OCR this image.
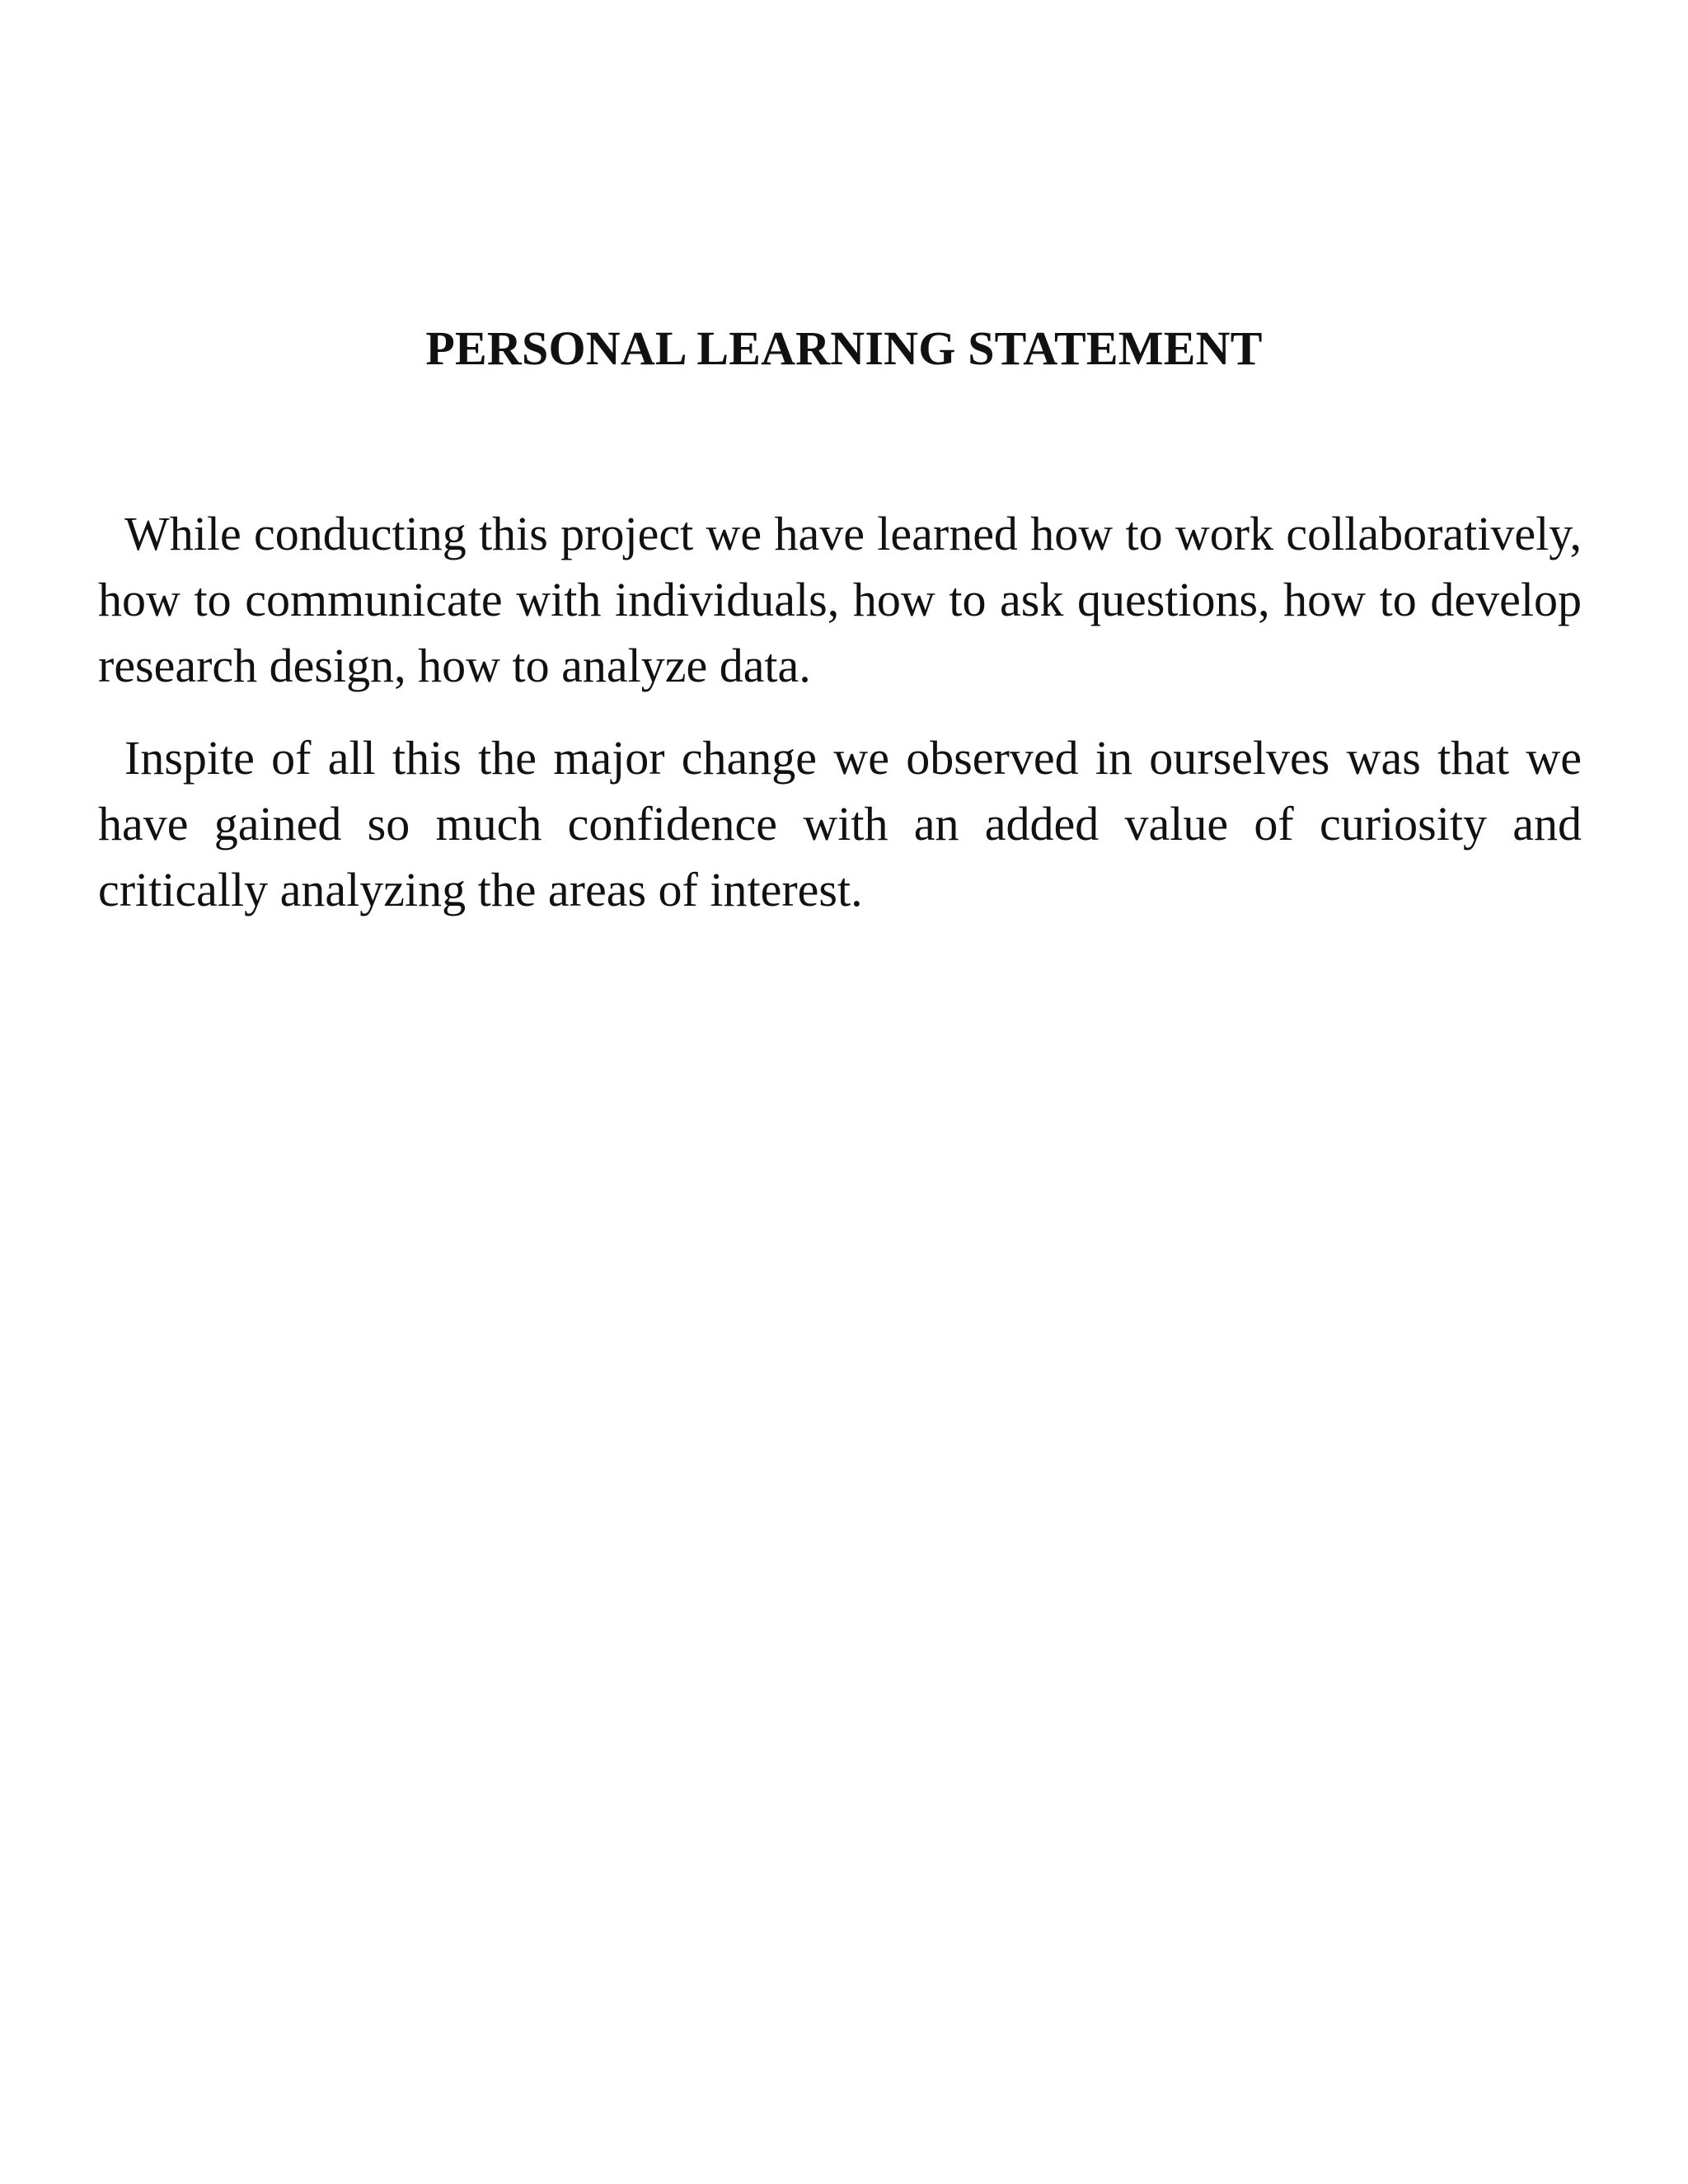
PERSONAL LEARNING STATEMENT

While conducting this project we have learned how to work collaboratively, how to communicate with individuals, how to ask questions, how to develop research design, how to analyze data.

Inspite of all this the major change we observed in ourselves was that we have gained so much confidence with an added value of curiosity and critically analyzing the areas of interest.
